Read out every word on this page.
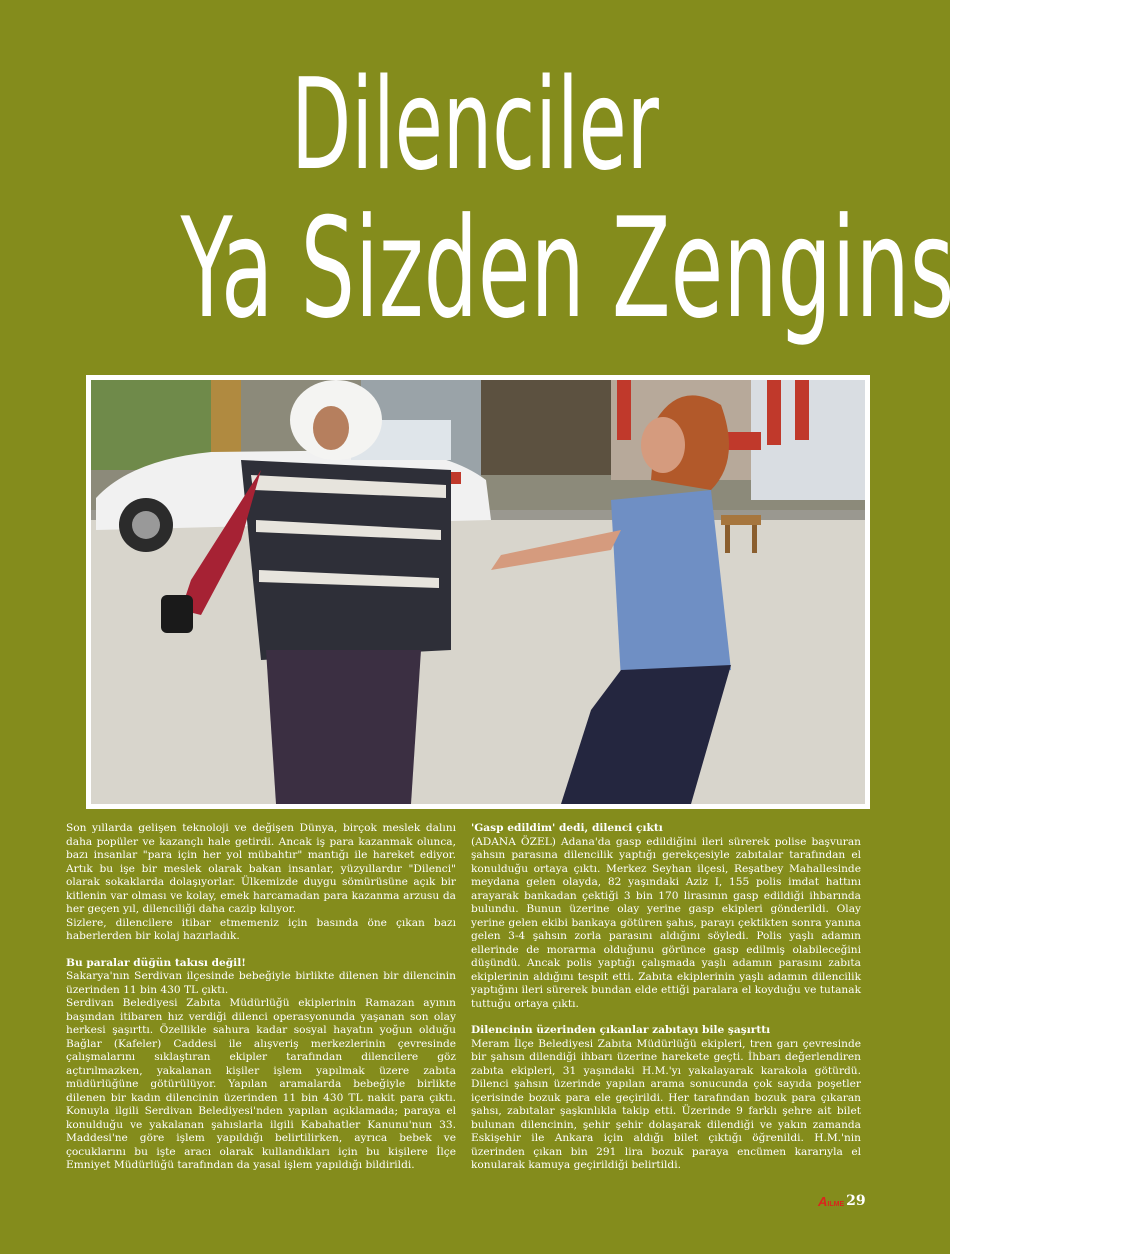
Dilenciler
Ya Sizden Zenginse !!!

Son yıllarda gelişen teknoloji ve değişen Dünya, birçok meslek dalını daha popüler ve kazançlı hale getirdi. Ancak iş para kazanmak olunca, bazı insanlar "para için her yol mübahtır" mantığı ile hareket ediyor. Artık bu işe bir meslek olarak bakan insanlar, yüzyıllardır "Dilenci" olarak sokaklarda dolaşıyorlar. Ülkemizde duygu sömürüsüne açık bir kitlenin var olması ve kolay, emek harcamadan para kazanma arzusu da her geçen yıl, dilenciliği daha cazip kılıyor.

Sizlere, dilencilere itibar etmemeniz için basında öne çıkan bazı haberlerden bir kolaj hazırladık.

Bu paralar düğün takısı değil!

Sakarya'nın Serdivan ilçesinde bebeğiyle birlikte dilenen bir dilencinin üzerinden 11 bin 430 TL çıktı.

Serdivan Belediyesi Zabıta Müdürlüğü ekiplerinin Ramazan ayının başından itibaren hız verdiği dilenci operasyonunda yaşanan son olay herkesi şaşırttı. Özellikle sahura kadar sosyal hayatın yoğun olduğu Bağlar (Kafeler) Caddesi ile alışveriş merkezlerinin çevresinde çalışmalarını sıklaştıran ekipler tarafından dilencilere göz açtırılmazken, yakalanan kişiler işlem yapılmak üzere zabıta müdürlüğüne götürülüyor. Yapılan aramalarda bebeğiyle birlikte dilenen bir kadın dilencinin üzerinden 11 bin 430 TL nakit para çıktı. Konuyla ilgili Serdivan Belediyesi'nden yapılan açıklamada; paraya el konulduğu ve yakalanan şahıslarla ilgili Kabahatler Kanunu'nun 33. Maddesi'ne göre işlem yapıldığı belirtilirken, ayrıca bebek ve çocuklarını bu işte aracı olarak kullandıkları için bu kişilere İlçe Emniyet Müdürlüğü tarafından da yasal işlem yapıldığı bildirildi.

'Gasp edildim' dedi, dilenci çıktı

(ADANA ÖZEL) Adana'da gasp edildiğini ileri sürerek polise başvuran şahsın parasına dilencilik yaptığı gerekçesiyle zabıtalar tarafından el konulduğu ortaya çıktı. Merkez Seyhan ilçesi, Reşatbey Mahallesinde meydana gelen olayda, 82 yaşındaki Aziz I, 155 polis imdat hattını arayarak bankadan çektiği 3 bin 170 lirasının gasp edildiği ihbarında bulundu. Bunun üzerine olay yerine gasp ekipleri gönderildi. Olay yerine gelen ekibi bankaya götüren şahıs, parayı çektikten sonra yanına gelen 3-4 şahsın zorla parasını aldığını söyledi. Polis yaşlı adamın ellerinde de morarma olduğunu görünce gasp edilmiş olabileceğini düşündü. Ancak polis yaptığı çalışmada yaşlı adamın parasını zabıta ekiplerinin aldığını tespit etti. Zabıta ekiplerinin yaşlı adamın dilencilik yaptığını ileri sürerek bundan elde ettiği paralara el koyduğu ve tutanak tuttuğu ortaya çıktı.

Dilencinin üzerinden çıkanlar zabıtayı bile şaşırttı

Meram İlçe Belediyesi Zabıta Müdürlüğü ekipleri, tren garı çevresinde bir şahsın dilendiği ihbarı üzerine harekete geçti. İhbarı değerlendiren zabıta ekipleri, 31 yaşındaki H.M.'yı yakalayarak karakola götürdü. Dilenci şahsın üzerinde yapılan arama sonucunda çok sayıda poşetler içerisinde bozuk para ele geçirildi. Her tarafından bozuk para çıkaran şahsı, zabıtalar şaşkınlıkla takip etti. Üzerinde 9 farklı şehre ait bilet bulunan dilencinin, şehir şehir dolaşarak dilendiği ve yakın zamanda Eskişehir ile Ankara için aldığı bilet çıktığı öğrenildi. H.M.'nin üzerinden çıkan bin 291 lira bozuk paraya encümen kararıyla el konularak kamuya geçirildiği belirtildi.

AILME 29
